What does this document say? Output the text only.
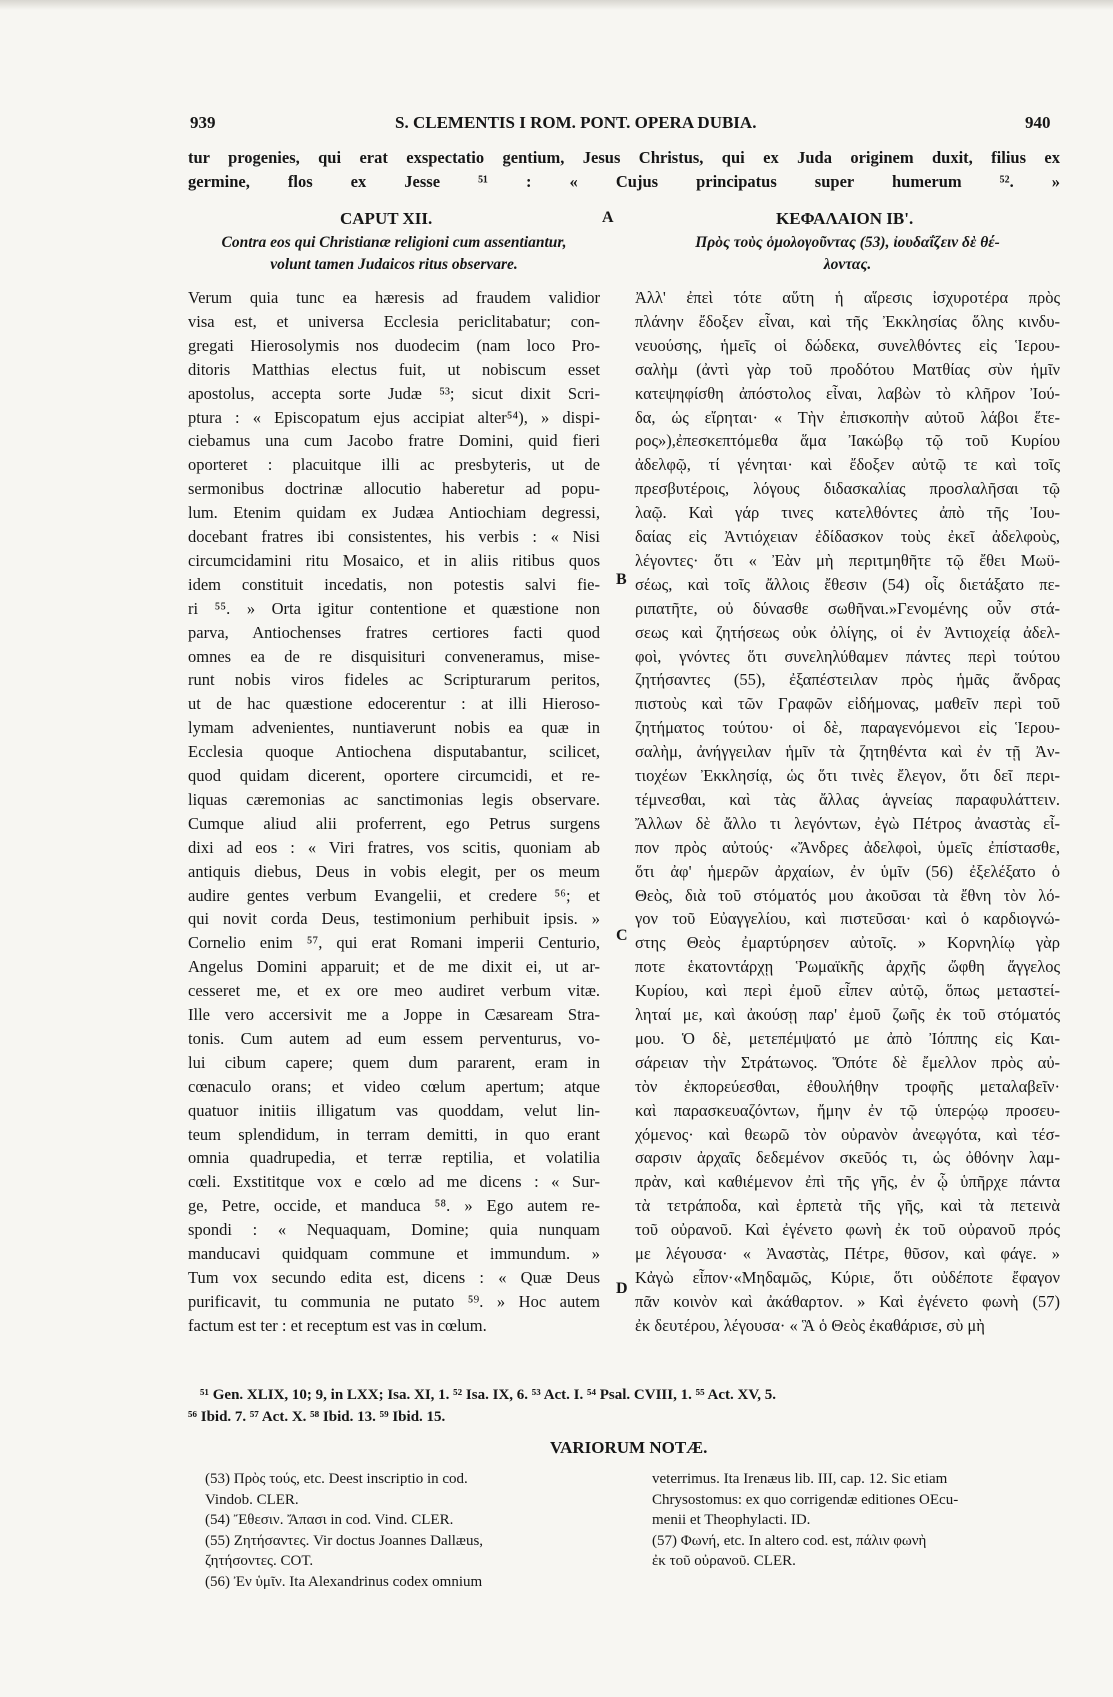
939	S. CLEMENTIS I ROM. PONT. OPERA DUBIA.	940
tur progenies, qui erat exspectatio gentium, Jesus Christus, qui ex Juda originem duxit, filius ex
germine, flos ex Jesse ⁵¹ : « Cujus principatus super humerum ⁵². »
CAPUT XII.	A	ΚΕΦΑΛΑΙΟΝ ΙΒ'.
Contra eos qui Christianæ religioni cum assentiantur,
volunt tamen Judaicos ritus observare.
Πρὸς τοὺς ὁμολογοῦντας (53), ἰουδαΐζειν δὲ θέ-
λοντας.
Verum quia tunc ea hæresis ad fraudem validior
visa est, et universa Ecclesia periclitabatur; con-
gregati Hierosolymis nos duodecim (nam loco Pro-
ditoris Matthias electus fuit, ut nobiscum esset
apostolus, accepta sorte Judæ ⁵³; sicut dixit Scri-
ptura : « Episcopatum ejus accipiat alter⁵⁴), » dispi-
ciebamus una cum Jacobo fratre Domini, quid fieri
oporteret : placuitque illi ac presbyteris, ut de
sermonibus doctrinæ allocutio haberetur ad popu-
lum. Etenim quidam ex Judæa Antiochiam degressi,
docebant fratres ibi consistentes, his verbis : « Nisi
circumcidamini ritu Mosaico, et in aliis ritibus quos
idem constituit incedatis, non potestis salvi fie-
ri ⁵⁵. » Orta igitur contentione et quæstione non
parva, Antiochenses fratres certiores facti quod
omnes ea de re disquisituri conveneramus, mise-
runt nobis viros fideles ac Scripturarum peritos,
ut de hac quæstione edocerentur : at illi Hieroso-
lymam advenientes, nuntiaverunt nobis ea quæ in
Ecclesia quoque Antiochena disputabantur, scilicet,
quod quidam dicerent, oportere circumcidi, et re-
liquas cæremonias ac sanctimonias legis observare.
Cumque aliud alii proferrent, ego Petrus surgens
dixi ad eos : « Viri fratres, vos scitis, quoniam ab
antiquis diebus, Deus in vobis elegit, per os meum
audire gentes verbum Evangelii, et credere ⁵⁶; et
qui novit corda Deus, testimonium perhibuit ipsis. »
Cornelio enim ⁵⁷, qui erat Romani imperii Centurio,
Angelus Domini apparuit; et de me dixit ei, ut ar-
cesseret me, et ex ore meo audiret verbum vitæ.
Ille vero accersivit me a Joppe in Cæsaream Stra-
tonis. Cum autem ad eum essem perventurus, vo-
lui cibum capere; quem dum pararent, eram in
cœnaculo orans; et video cœlum apertum; atque
quatuor initiis illigatum vas quoddam, velut lin-
teum splendidum, in terram demitti, in quo erant
omnia quadrupedia, et terræ reptilia, et volatilia
cœli. Exstititque vox e cœlo ad me dicens : « Sur-
ge, Petre, occide, et manduca ⁵⁸. » Ego autem re-
spondi : « Nequaquam, Domine; quia nunquam
manducavi quidquam commune et immundum. »
Tum vox secundo edita est, dicens : « Quæ Deus
purificavit, tu communia ne putato ⁵⁹. » Hoc autem
factum est ter : et receptum est vas in cœlum.
Ἀλλ' ἐπεὶ τότε αὕτη ἡ αἵρεσις ἰσχυροτέρα πρὸς
πλάνην ἔδοξεν εἶναι, καὶ τῆς Ἐκκλησίας ὅλης κινδυ-
νευούσης, ἡμεῖς οἱ δώδεκα, συνελθόντες εἰς Ἱερου-
σαλὴμ (ἀντὶ γὰρ τοῦ προδότου Ματθίας σὺν ἡμῖν
κατεψηφίσθη ἀπόστολος εἶναι, λαβὼν τὸ κλῆρον Ἰού-
δα, ὡς εἴρηται· « Τὴν ἐπισκοπὴν αὐτοῦ λάβοι ἕτε-
ρος»),ἐπεσκεπτόμεθα ἅμα Ἰακώβῳ τῷ τοῦ Κυρίου
ἀδελφῷ, τί γένηται· καὶ ἔδοξεν αὐτῷ τε καὶ τοῖς
πρεσβυτέροις, λόγους διδασκαλίας προσλαλῆσαι τῷ
λαῷ. Καὶ γάρ τινες κατελθόντες ἀπὸ τῆς Ἰου-
δαίας εἰς Ἀντιόχειαν ἐδίδασκον τοὺς ἐκεῖ ἀδελφοὺς,
λέγοντες· ὅτι « Ἐὰν μὴ περιτμηθῆτε τῷ ἔθει Μωϋ-
σέως, καὶ τοῖς ἄλλοις ἔθεσιν (54) οἷς διετάξατο πε-
ριπατῆτε, οὐ δύνασθε σωθῆναι.»Γενομένης οὖν στά-
σεως καὶ ζητήσεως οὐκ ὀλίγης, οἱ ἐν Ἀντιοχείᾳ ἀδελ-
φοὶ, γνόντες ὅτι συνεληλύθαμεν πάντες περὶ τούτου
ζητήσαντες (55), ἐξαπέστειλαν πρὸς ἡμᾶς ἄνδρας
πιστοὺς καὶ τῶν Γραφῶν εἰδήμονας, μαθεῖν περὶ τοῦ
ζητήματος τούτου· οἱ δὲ, παραγενόμενοι εἰς Ἱερου-
σαλὴμ, ἀνήγγειλαν ἡμῖν τὰ ζητηθέντα καὶ ἐν τῇ Ἀν-
τιοχέων Ἐκκλησίᾳ, ὡς ὅτι τινὲς ἔλεγον, ὅτι δεῖ περι-
τέμνεσθαι, καὶ τὰς ἄλλας ἁγνείας παραφυλάττειν.
Ἄλλων δὲ ἄλλο τι λεγόντων, ἐγὼ Πέτρος ἀναστὰς εἶ-
πον πρὸς αὐτούς· «Ἄνδρες ἀδελφοὶ, ὑμεῖς ἐπίστασθε,
ὅτι ἀφ' ἡμερῶν ἀρχαίων, ἐν ὑμῖν (56) ἐξελέξατο ὁ
Θεὸς, διὰ τοῦ στόματός μου ἀκοῦσαι τὰ ἔθνη τὸν λό-
γον τοῦ Εὐαγγελίου, καὶ πιστεῦσαι· καὶ ὁ καρδιογνώ-
στης Θεὸς ἐμαρτύρησεν αὐτοῖς. » Κορνηλίῳ γὰρ
ποτε ἑκατοντάρχῃ Ῥωμαϊκῆς ἀρχῆς ὤφθη ἄγγελος
Κυρίου, καὶ περὶ ἐμοῦ εἶπεν αὐτῷ, ὅπως μεταστεί-
ληταί με, καὶ ἀκούσῃ παρ' ἐμοῦ ζωῆς ἐκ τοῦ στόματός
μου. Ὁ δὲ, μετεπέμψατό με ἀπὸ Ἰόππης εἰς Και-
σάρειαν τὴν Στράτωνος. Ὅπότε δὲ ἔμελλον πρὸς αὐ-
τὸν ἐκπορεύεσθαι, ἐθουλήθην τροφῆς μεταλαβεῖν·
καὶ παρασκευαζόντων, ἤμην ἐν τῷ ὑπερῴῳ προσευ-
χόμενος· καὶ θεωρῶ τὸν οὐρανὸν ἀνεῳγότα, καὶ τέσ-
σαρσιν ἀρχαῖς δεδεμένον σκεῦός τι, ὡς ὀθόνην λαμ-
πρὰν, καὶ καθιέμενον ἐπὶ τῆς γῆς, ἐν ᾧ ὑπῆρχε πάντα
τὰ τετράποδα, καὶ ἑρπετὰ τῆς γῆς, καὶ τὰ πετεινὰ
τοῦ οὐρανοῦ. Καὶ ἐγένετο φωνὴ ἐκ τοῦ οὐρανοῦ πρός
με λέγουσα· « Ἀναστὰς, Πέτρε, θῦσον, καὶ φάγε. »
Κἀγὼ εἶπον·«Μηδαμῶς, Κύριε, ὅτι οὐδέποτε ἔφαγον
πᾶν κοινὸν καὶ ἀκάθαρτον. » Καὶ ἐγένετο φωνὴ (57)
ἐκ δευτέρου, λέγουσα· « Ἃ ὁ Θεὸς ἐκαθάρισε, σὺ μὴ
B
C
D
⁵¹ Gen. XLIX, 10; 9, in LXX; Isa. XI, 1. ⁵² Isa. IX, 6. ⁵³ Act. I. ⁵⁴ Psal. CVIII, 1. ⁵⁵ Act. XV, 5.
⁵⁶ Ibid. 7. ⁵⁷ Act. X. ⁵⁸ Ibid. 13. ⁵⁹ Ibid. 15.
VARIORUM NOTÆ.
(53) Πρὸς τούς, etc. Deest inscriptio in cod.
Vindob. CLER.
(54) Ἔθεσιν. Ἄπασι in cod. Vind. CLER.
(55) Ζητήσαντες. Vir doctus Joannes Dallæus,
ζητήσοντες. COT.
(56) Ἐν ὑμῖν. Ita Alexandrinus codex omnium
veterrimus. Ita Irenæus lib. III, cap. 12. Sic etiam
Chrysostomus: ex quo corrigendæ editiones OEcu-
menii et Theophylacti. ID.
(57) Φωνή, etc. In altero cod. est, πάλιν φωνὴ
ἐκ τοῦ οὐρανοῦ. CLER.
